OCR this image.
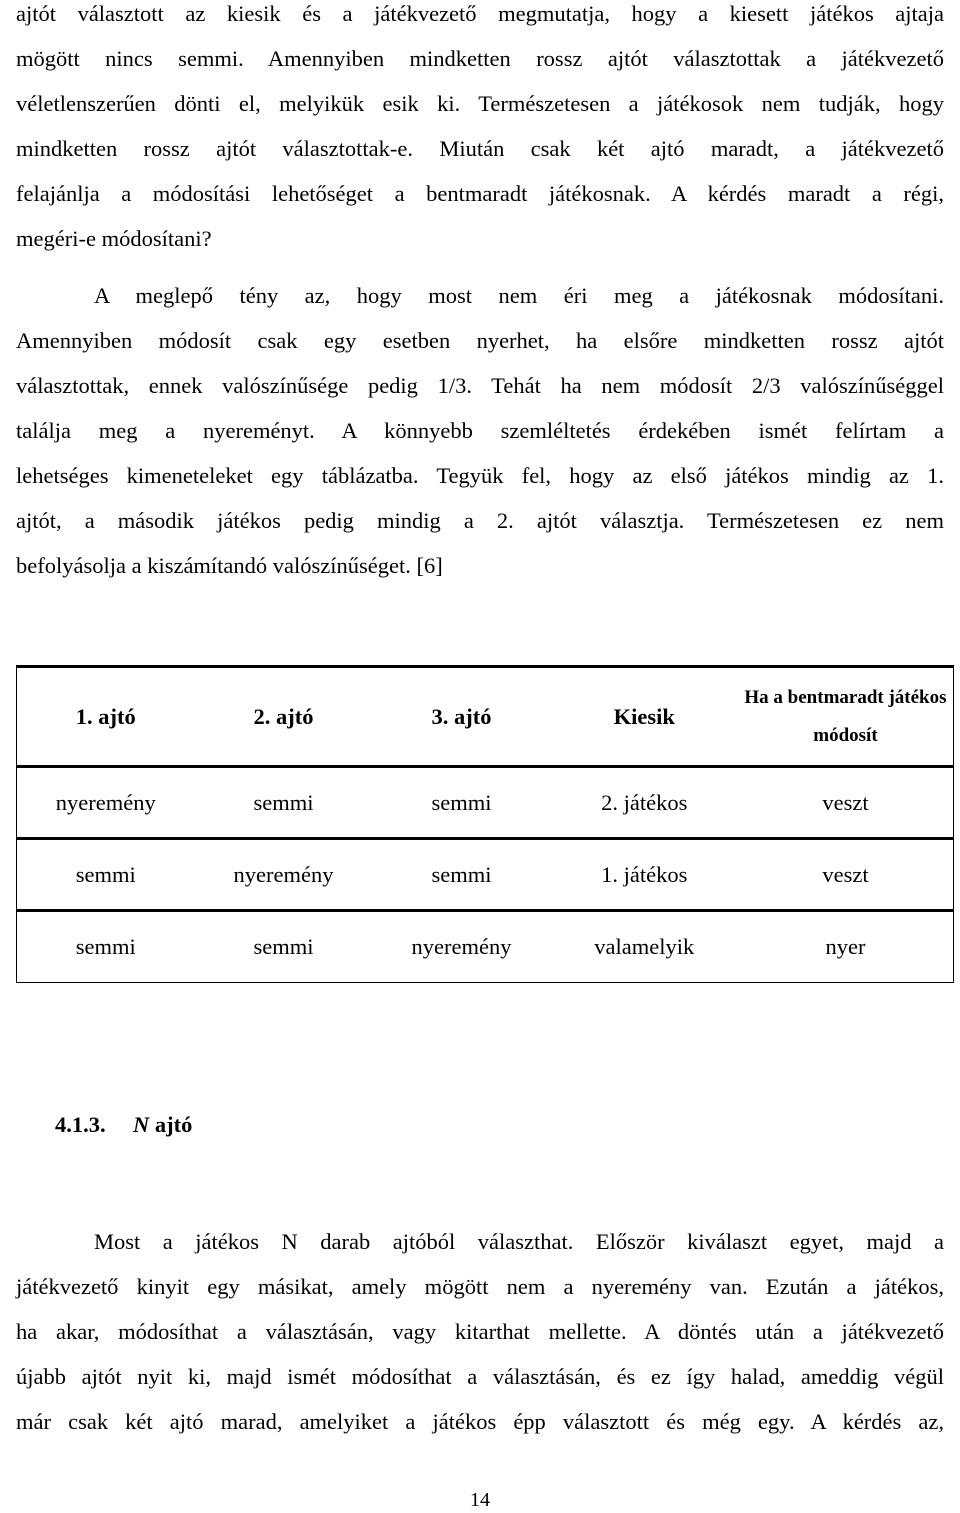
ajtót választott az kiesik és a játékvezető megmutatja, hogy a kiesett játékos ajtaja
mögött nincs semmi. Amennyiben mindketten rossz ajtót választottak a játékvezető
véletlenszerűen dönti el, melyikük esik ki. Természetesen a játékosok nem tudják, hogy
mindketten rossz ajtót választottak-e. Miután csak két ajtó maradt, a játékvezető
felajánlja a módosítási lehetőséget a bentmaradt játékosnak. A kérdés maradt a régi,
megéri-e módosítani?
A meglepő tény az, hogy most nem éri meg a játékosnak módosítani.
Amennyiben módosít csak egy esetben nyerhet, ha elsőre mindketten rossz ajtót
választottak, ennek valószínűsége pedig 1/3. Tehát ha nem módosít 2/3 valószínűséggel
találja meg a nyereményt. A könnyebb szemléltetés érdekében ismét felírtam a
lehetséges kimeneteleket egy táblázatba. Tegyük fel, hogy az első játékos mindig az 1.
ajtót, a második játékos pedig mindig a 2. ajtót választja. Természetesen ez nem
befolyásolja a kiszámítandó valószínűséget. [6]
1. ajtó	2. ajtó	3. ajtó	Kiesik	Ha a bentmaradt játékos módosít
nyeremény	semmi	semmi	2. játékos	veszt
semmi	nyeremény	semmi	1. játékos	veszt
semmi	semmi	nyeremény	valamelyik	nyer
4.1.3. N ajtó
Most a játékos N darab ajtóból választhat. Először kiválaszt egyet, majd a
játékvezető kinyit egy másikat, amely mögött nem a nyeremény van. Ezután a játékos,
ha akar, módosíthat a választásán, vagy kitarthat mellette. A döntés után a játékvezető
újabb ajtót nyit ki, majd ismét módosíthat a választásán, és ez így halad, ameddig végül
már csak két ajtó marad, amelyiket a játékos épp választott és még egy. A kérdés az,
14
